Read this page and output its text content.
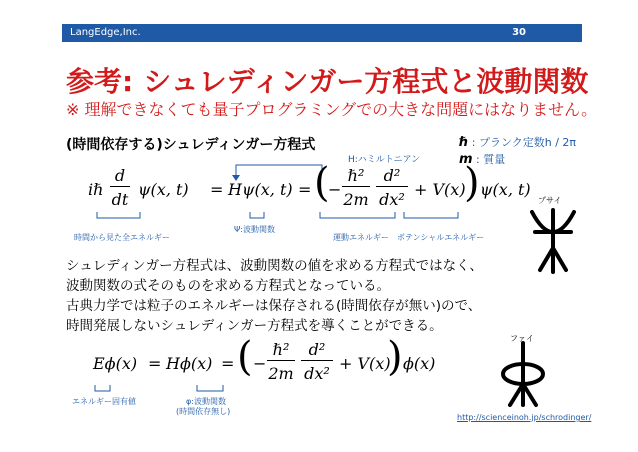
LangEdge,Inc.	30
参考: シュレディンガー方程式と波動関数
※ 理解できなくても量子プログラミングでの大きな問題にはなりません。
(時間依存する)シュレディンガー方程式	ℏ : プランク定数h / 2π
m : 質量
H:ハミルトニアン
時間から見た全エネルギー
Ψ:波動関数
運動エネルギー ポテンシャルエネルギー
プサイ
iℏ
d
dt
ψ(x, t) = Hψ(x, t) = (
−
ℏ²
2m
d²
dx²
+ V(x)
) ψ(x, t)
シュレディンガー方程式は、波動関数の値を求める方程式ではなく、
波動関数の式そのものを求める方程式となっている。
古典力学では粒子のエネルギーは保存される(時間依存が無い)ので、
時間発展しないシュレディンガー方程式を導くことができる。
ファイ
Eϕ(x) = Hϕ(x) = ( −
ℏ²
2m
d²
dx²
+ V(x)
) ϕ(x)
エネルギー固有値	φ:波動関数
(時間依存無し)
http://scienceinoh.jp/schrodinger/
